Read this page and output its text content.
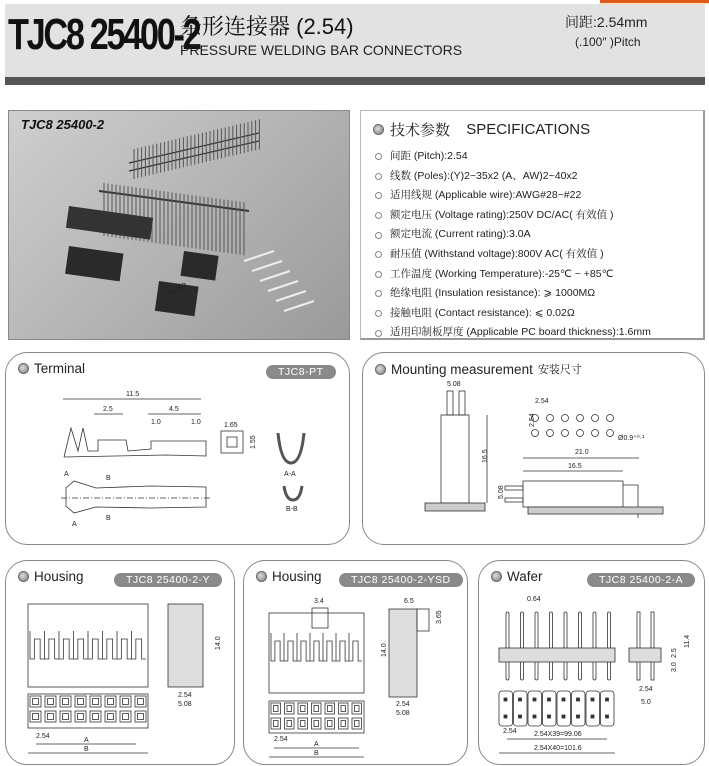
TJC8 25400-2
条形连接器 (2.54)
PRESSURE WELDING BAR CONNECTORS
间距:2.54mm
(.100″ )Pitch
TJC8 25400-2
Audio
技术参数
SPECIFICATIONS
间距 (Pitch):2.54
线数 (Poles):(Y)2~35x2 (A、AW)2~40x2
适用线规 (Applicable wire):AWG#28~#22
额定电压 (Voltage rating):250V DC/AC( 有效值 )
额定电流 (Current rating):3.0A
耐压值 (Withstand voltage):800V AC( 有效值 )
工作温度 (Working Temperature):-25℃ ~ +85℃
绝缘电阻 (Insulation resistance): ⩾ 1000MΩ
接触电阻 (Contact resistance): ⩽ 0.02Ω
适用印制板厚度 (Applicable PC board thickness):1.6mm
Terminal	TJC8-PT
11.5
2.5	4.5
1.0	1.0	1.65
1.55
A-A
B-B
A
A
B
B
Mounting measurement 安装尺寸
5.08
16.5
2.54
2.54
Ø0.9⁺⁰·¹
21.0
16.5
5.08
Housing	TJC8 25400-2-Y
14.0
2.54
5.08
2.54
A
B
Housing	TJC8 25400-2-YSD
3.4	6.5
3.65
14.0
2.54
5.08
2.54
A
B
Wafer	TJC8 25400-2-A
0.64
11.4
2.5
3.0
2.54
5.0
2.54 2.54X39=99.06
2.54X40=101.6
